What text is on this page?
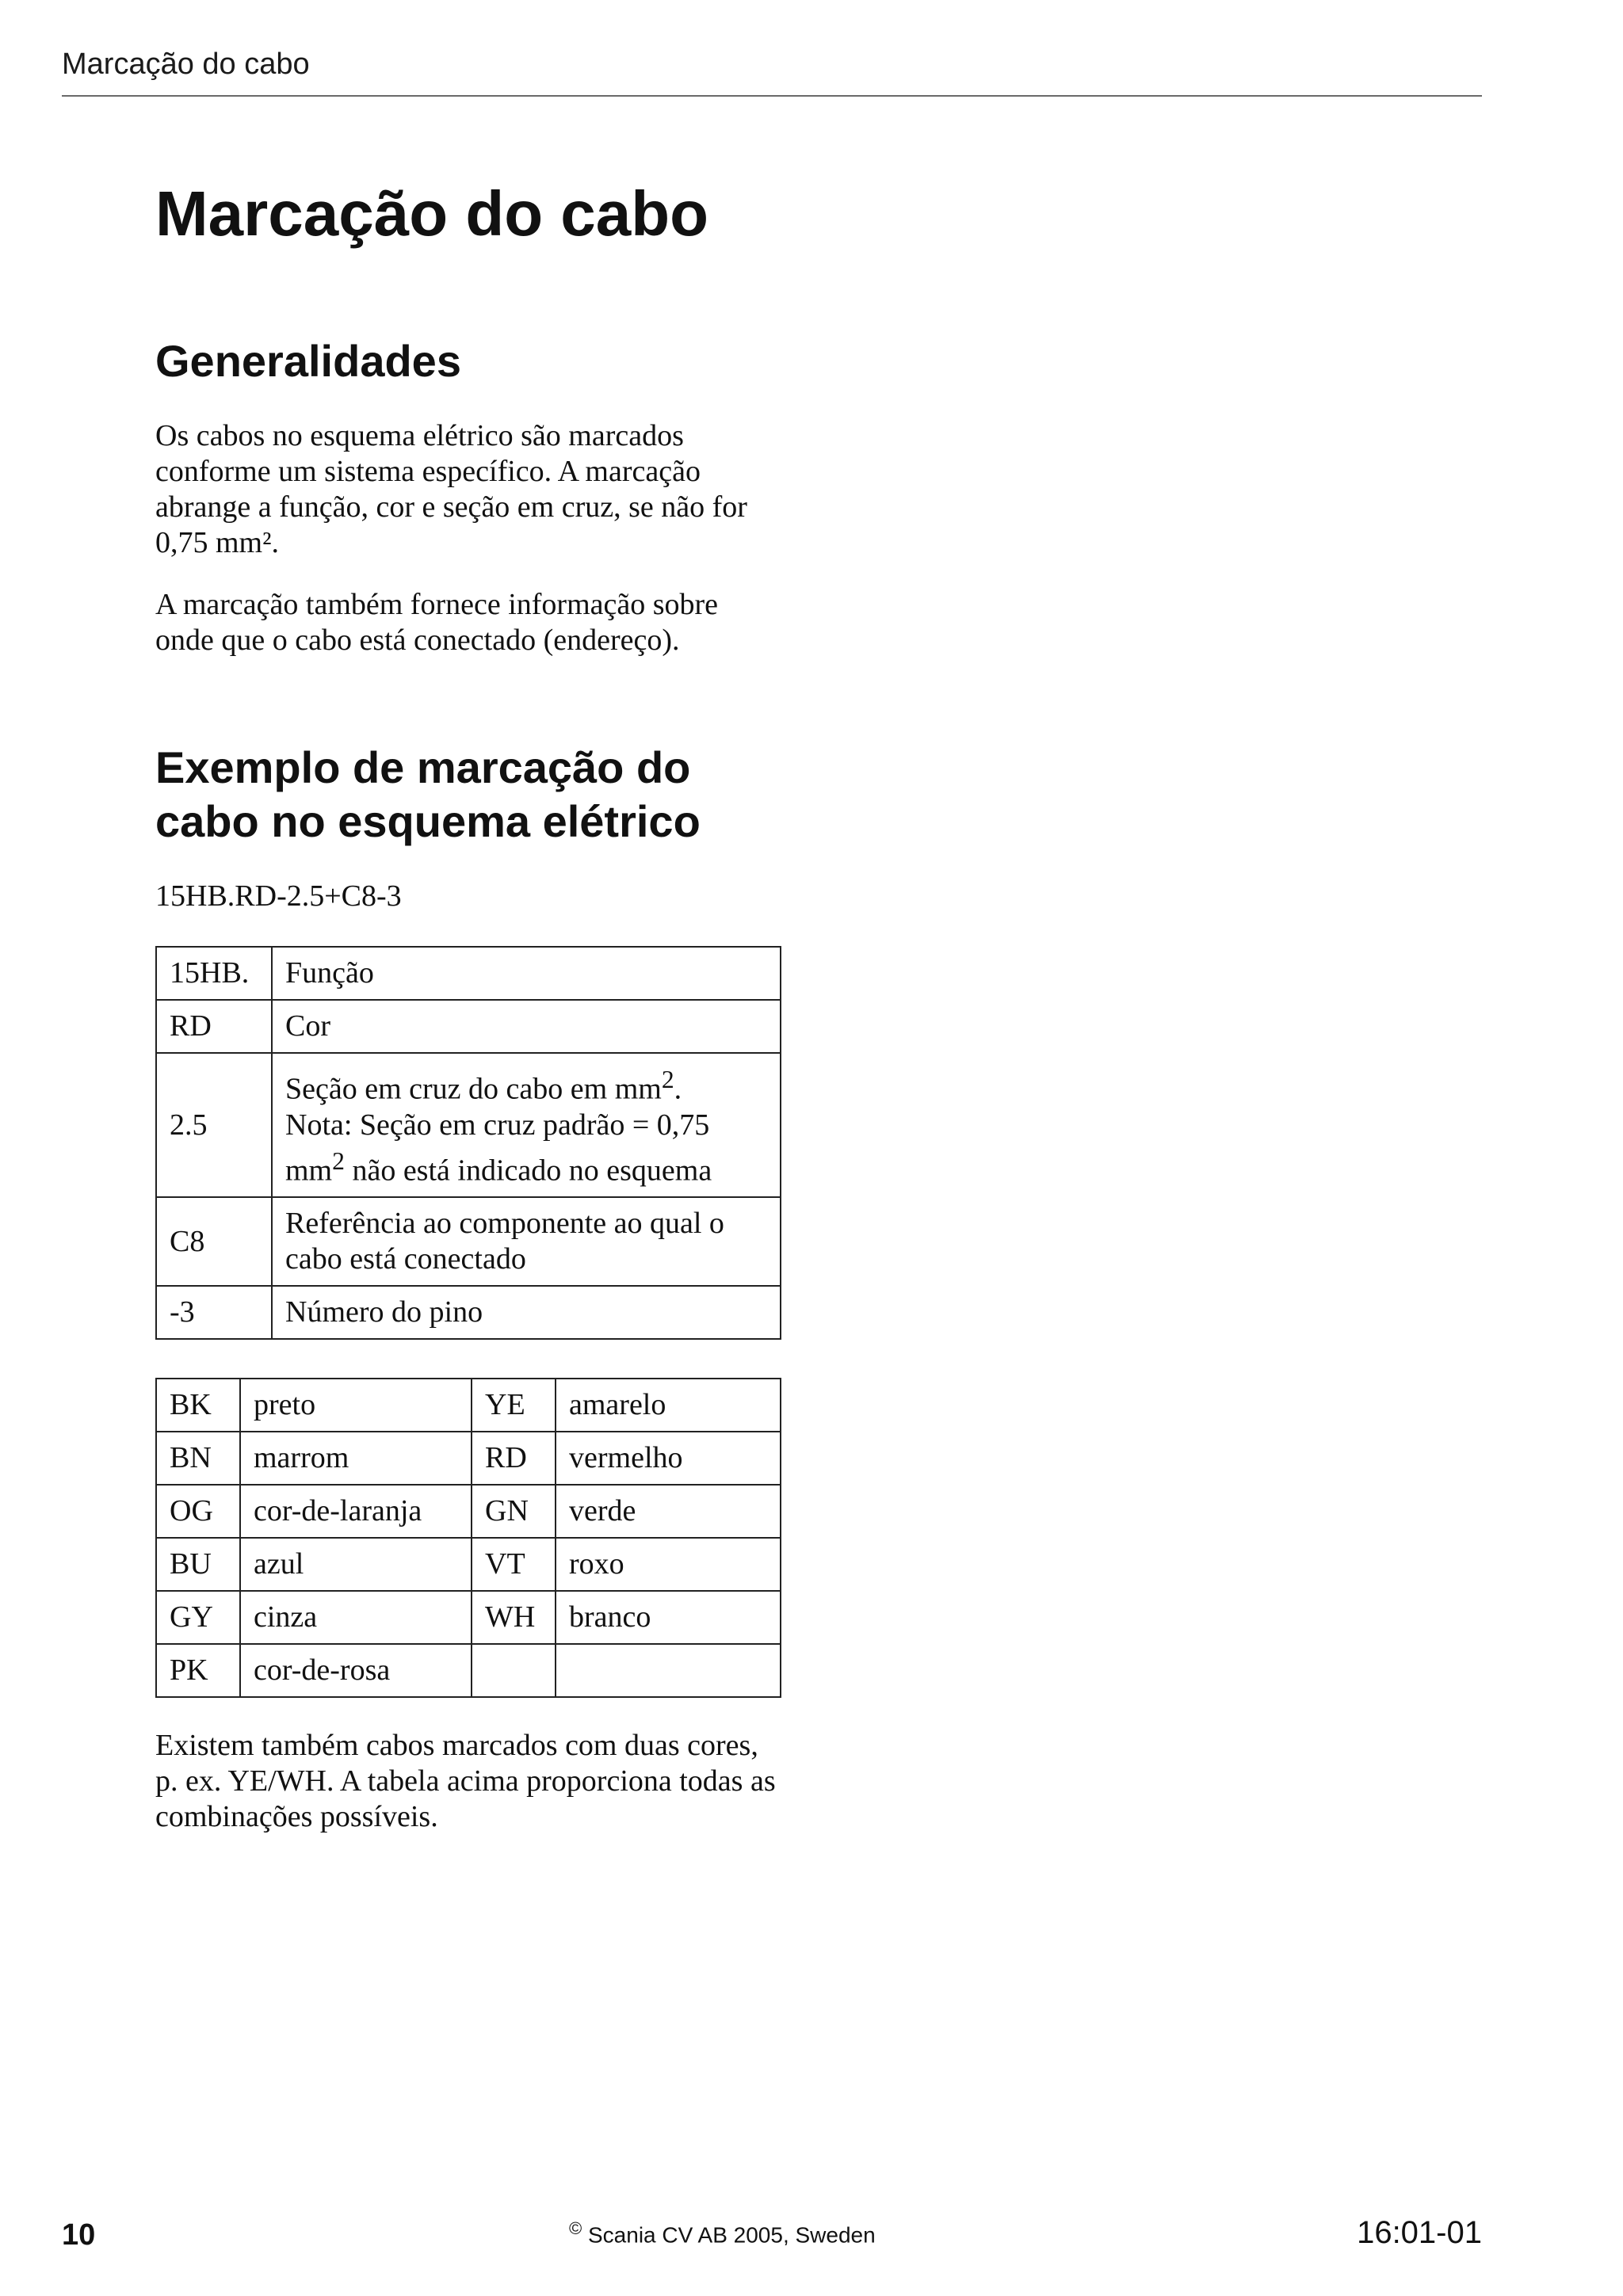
Marcação do cabo
Marcação do cabo
Generalidades

Os cabos no esquema elétrico são marcados conforme um sistema específico. A marcação abrange a função, cor e seção em cruz, se não for 0,75 mm².

A marcação também fornece informação sobre onde que o cabo está conectado (endereço).

Exemplo de marcação do
cabo no esquema elétrico

15HB.RD-2.5+C8-3

15HB.	Função
RD	Cor
2.5	Seção em cruz do cabo em $mm^2$.
Nota: Seção em cruz padrão = 0,75 $mm^2$ não está indicado no esquema
C8	Referência ao componente ao qual o cabo está conectado
-3	Número do pino
BK	preto	YE	amarelo
BN	marrom	RD	vermelho
OG	cor-de-laranja	GN	verde
BU	azul	VT	roxo
GY	cinza	WH	branco
PK	cor-de-rosa		

Existem também cabos marcados com duas cores, p. ex. YE/WH. A tabela acima proporciona todas as combinações possíveis.

10	© Scania CV AB 2005, Sweden	16:01-01
